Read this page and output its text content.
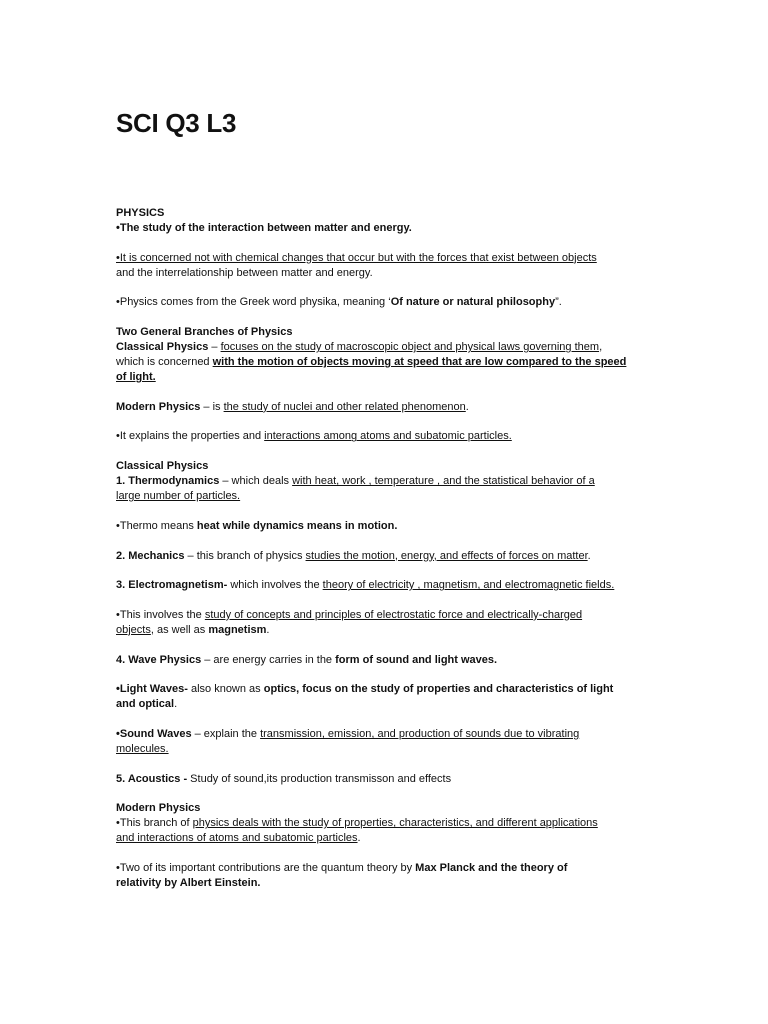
SCI Q3 L3

PHYSICS

•The study of the interaction between matter and energy.

•It is concerned not with chemical changes that occur but with the forces that exist between objects

and the interrelationship between matter and energy.

•Physics comes from the Greek word physika, meaning ‘Of nature or natural philosophy”.

Two General Branches of Physics

Classical Physics – focuses on the study of macroscopic object and physical laws governing them,

which is concerned with the motion of objects moving at speed that are low compared to the speed

of light.

Modern Physics – is the study of nuclei and other related phenomenon.

•It explains the properties and interactions among atoms and subatomic particles.

Classical Physics

1. Thermodynamics – which deals with heat, work , temperature , and the statistical behavior of a

large number of particles.

•Thermo means heat while dynamics means in motion.

2. Mechanics – this branch of physics studies the motion, energy, and effects of forces on matter.

3. Electromagnetism- which involves the theory of electricity , magnetism, and electromagnetic fields.

•This involves the study of concepts and principles of electrostatic force and electrically-charged

objects, as well as magnetism.

4. Wave Physics – are energy carries in the form of sound and light waves.

•Light Waves- also known as optics, focus on the study of properties and characteristics of light

and optical.

•Sound Waves – explain the transmission, emission, and production of sounds due to vibrating

molecules.

5. Acoustics - Study of sound,its production transmisson and effects

Modern Physics

•This branch of physics deals with the study of properties, characteristics, and different applications

and interactions of atoms and subatomic particles.

•Two of its important contributions are the quantum theory by Max Planck and the theory of

relativity by Albert Einstein.
